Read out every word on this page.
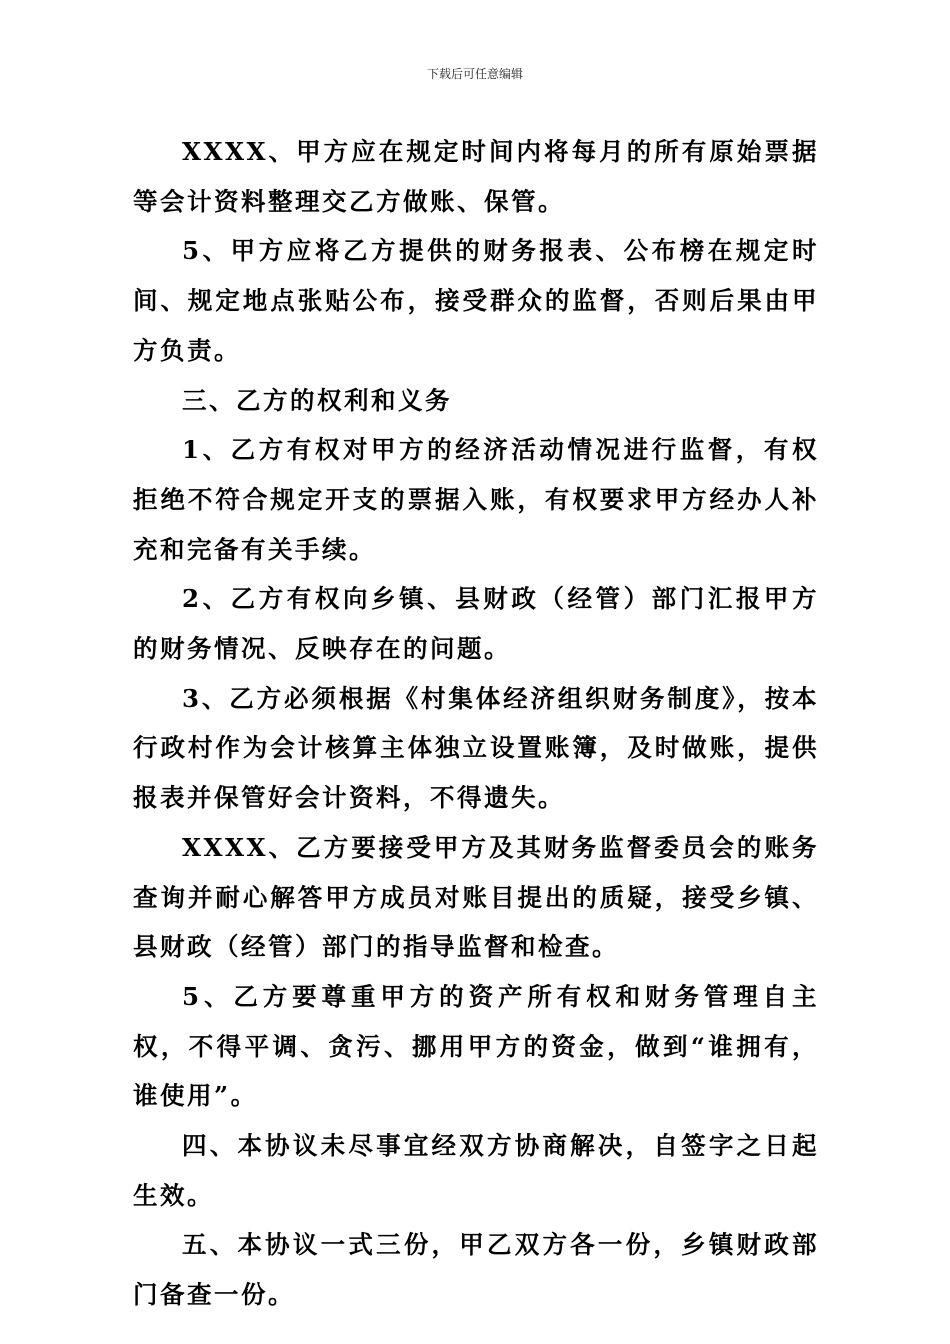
下载后可任意编辑

XXXX、甲方应在规定时间内将每月的所有原始票据等会计资料整理交乙方做账、保管。

5、甲方应将乙方提供的财务报表、公布榜在规定时间、规定地点张贴公布，接受群众的监督，否则后果由甲方负责。

三、乙方的权利和义务

1、乙方有权对甲方的经济活动情况进行监督，有权拒绝不符合规定开支的票据入账，有权要求甲方经办人补充和完备有关手续。

2、乙方有权向乡镇、县财政（经管）部门汇报甲方的财务情况、反映存在的问题。

3、乙方必须根据《村集体经济组织财务制度》，按本行政村作为会计核算主体独立设置账簿，及时做账，提供报表并保管好会计资料，不得遗失。

XXXX、乙方要接受甲方及其财务监督委员会的账务查询并耐心解答甲方成员对账目提出的质疑，接受乡镇、县财政（经管）部门的指导监督和检查。

5、乙方要尊重甲方的资产所有权和财务管理自主权，不得平调、贪污、挪用甲方的资金，做到“谁拥有，谁使用”。

四、本协议未尽事宜经双方协商解决，自签字之日起生效。

五、本协议一式三份，甲乙双方各一份，乡镇财政部门备查一份。
